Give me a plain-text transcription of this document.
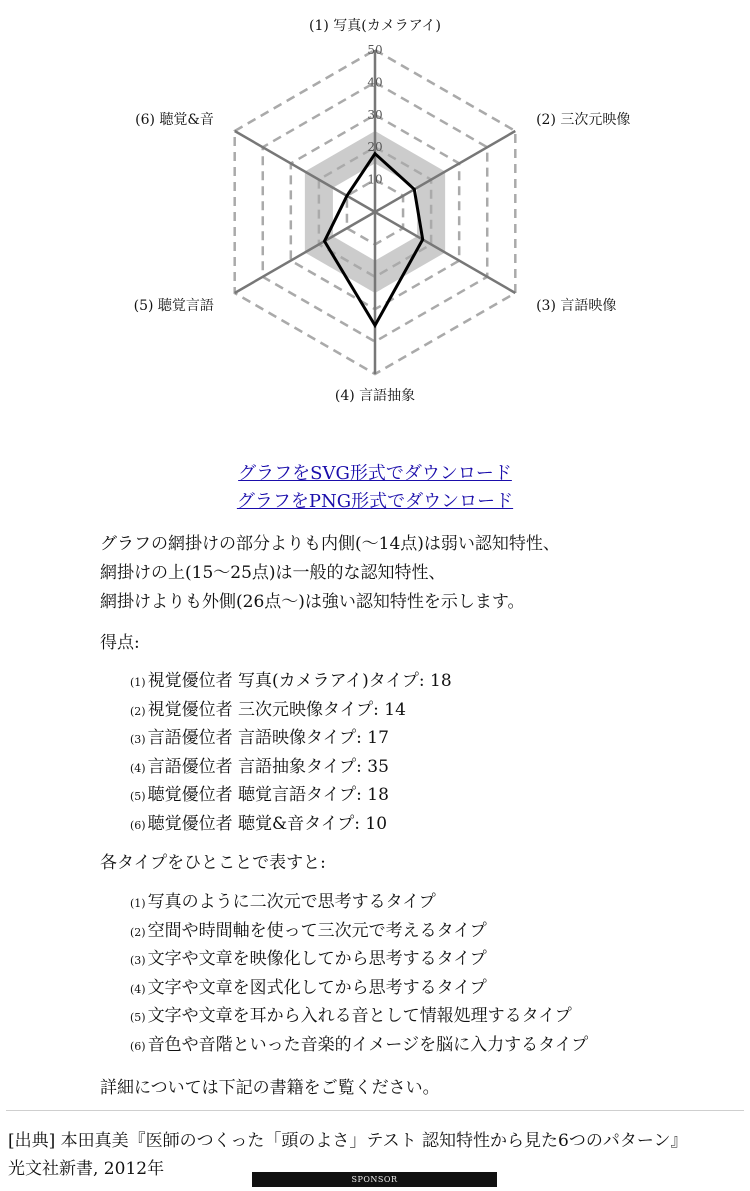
10
20
30
40
50
(1) 写真(カメラアイ)
(2) 三次元映像
(3) 言語映像
(4) 言語抽象
(5) 聴覚言語
(6) 聴覚&音
グラフをSVG形式でダウンロード
グラフをPNG形式でダウンロード

グラフの網掛けの部分よりも内側(〜14点)は弱い認知特性、

網掛けの上(15〜25点)は一般的な認知特性、

網掛けよりも外側(26点〜)は強い認知特性を示します。

得点:
(1) 視覚優位者 写真(カメラアイ)タイプ: 18
(2) 視覚優位者 三次元映像タイプ: 14
(3) 言語優位者 言語映像タイプ: 17
(4) 言語優位者 言語抽象タイプ: 35
(5) 聴覚優位者 聴覚言語タイプ: 18
(6) 聴覚優位者 聴覚&音タイプ: 10
各タイプをひとことで表すと:
(1) 写真のように二次元で思考するタイプ
(2) 空間や時間軸を使って三次元で考えるタイプ
(3) 文字や文章を映像化してから思考するタイプ
(4) 文字や文章を図式化してから思考するタイプ
(5) 文字や文章を耳から入れる音として情報処理するタイプ
(6) 音色や音階といった音楽的イメージを脳に入力するタイプ
詳細については下記の書籍をご覧ください。
[出典] 本田真美『医師のつくった「頭のよさ」テスト 認知特性から見た6つのパターン』
光文社新書, 2012年
SPONSOR
